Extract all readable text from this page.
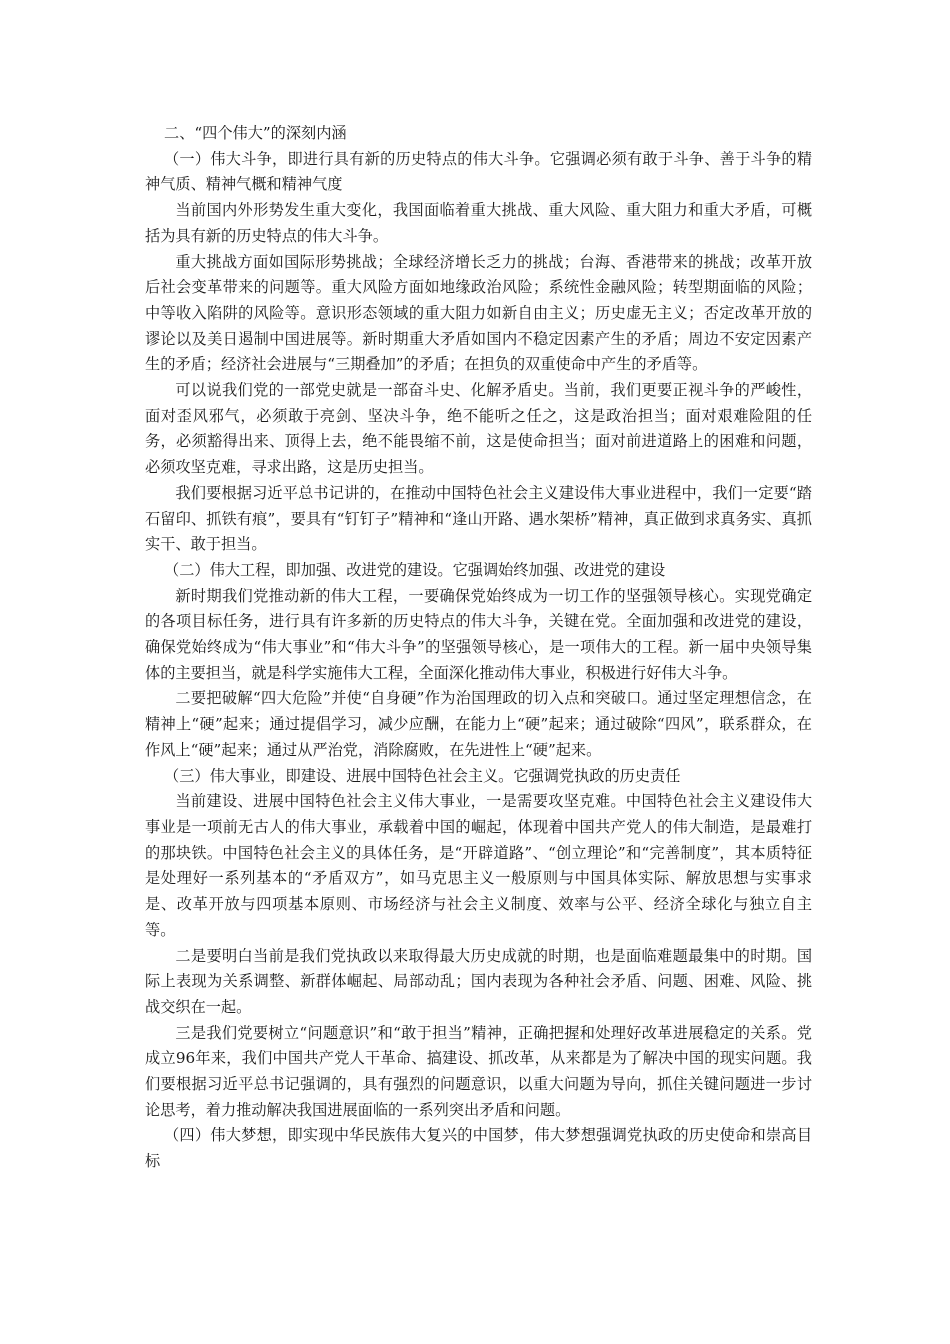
二、“四个伟大”的深刻内涵

（一）伟大斗争，即进行具有新的历史特点的伟大斗争。它强调必须有敢于斗争、善于斗争的精神气质、精神气概和精神气度

当前国内外形势发生重大变化，我国面临着重大挑战、重大风险、重大阻力和重大矛盾，可概括为具有新的历史特点的伟大斗争。

重大挑战方面如国际形势挑战；全球经济增长乏力的挑战；台海、香港带来的挑战；改革开放后社会变革带来的问题等。重大风险方面如地缘政治风险；系统性金融风险；转型期面临的风险；中等收入陷阱的风险等。意识形态领域的重大阻力如新自由主义；历史虚无主义；否定改革开放的谬论以及美日遏制中国进展等。新时期重大矛盾如国内不稳定因素产生的矛盾；周边不安定因素产生的矛盾；经济社会进展与“三期叠加”的矛盾；在担负的双重使命中产生的矛盾等。

可以说我们党的一部党史就是一部奋斗史、化解矛盾史。当前，我们更要正视斗争的严峻性，面对歪风邪气，必须敢于亮剑、坚决斗争，绝不能听之任之，这是政治担当；面对艰难险阻的任务，必须豁得出来、顶得上去，绝不能畏缩不前，这是使命担当；面对前进道路上的困难和问题，必须攻坚克难，寻求出路，这是历史担当。

我们要根据习近平总书记讲的，在推动中国特色社会主义建设伟大事业进程中，我们一定要“踏石留印、抓铁有痕”，要具有“钉钉子”精神和“逢山开路、遇水架桥”精神，真正做到求真务实、真抓实干、敢于担当。

（二）伟大工程，即加强、改进党的建设。它强调始终加强、改进党的建设

新时期我们党推动新的伟大工程，一要确保党始终成为一切工作的坚强领导核心。实现党确定的各项目标任务，进行具有许多新的历史特点的伟大斗争，关键在党。全面加强和改进党的建设，确保党始终成为“伟大事业”和“伟大斗争”的坚强领导核心，是一项伟大的工程。新一届中央领导集体的主要担当，就是科学实施伟大工程，全面深化推动伟大事业，积极进行好伟大斗争。

二要把破解“四大危险”并使“自身硬”作为治国理政的切入点和突破口。通过坚定理想信念，在精神上“硬”起来；通过提倡学习，减少应酬，在能力上“硬”起来；通过破除“四风”，联系群众，在作风上“硬”起来；通过从严治党，消除腐败，在先进性上“硬”起来。

（三）伟大事业，即建设、进展中国特色社会主义。它强调党执政的历史责任

当前建设、进展中国特色社会主义伟大事业，一是需要攻坚克难。中国特色社会主义建设伟大事业是一项前无古人的伟大事业，承载着中国的崛起，体现着中国共产党人的伟大制造，是最难打的那块铁。中国特色社会主义的具体任务，是“开辟道路”、“创立理论”和“完善制度”，其本质特征是处理好一系列基本的“矛盾双方”，如马克思主义一般原则与中国具体实际、解放思想与实事求是、改革开放与四项基本原则、市场经济与社会主义制度、效率与公平、经济全球化与独立自主等。

二是要明白当前是我们党执政以来取得最大历史成就的时期，也是面临难题最集中的时期。国际上表现为关系调整、新群体崛起、局部动乱；国内表现为各种社会矛盾、问题、困难、风险、挑战交织在一起。

三是我们党要树立“问题意识”和“敢于担当”精神，正确把握和处理好改革进展稳定的关系。党成立96年来，我们中国共产党人干革命、搞建设、抓改革，从来都是为了解决中国的现实问题。我们要根据习近平总书记强调的，具有强烈的问题意识，以重大问题为导向，抓住关键问题进一步讨论思考，着力推动解决我国进展面临的一系列突出矛盾和问题。

（四）伟大梦想，即实现中华民族伟大复兴的中国梦，伟大梦想强调党执政的历史使命和崇高目标
